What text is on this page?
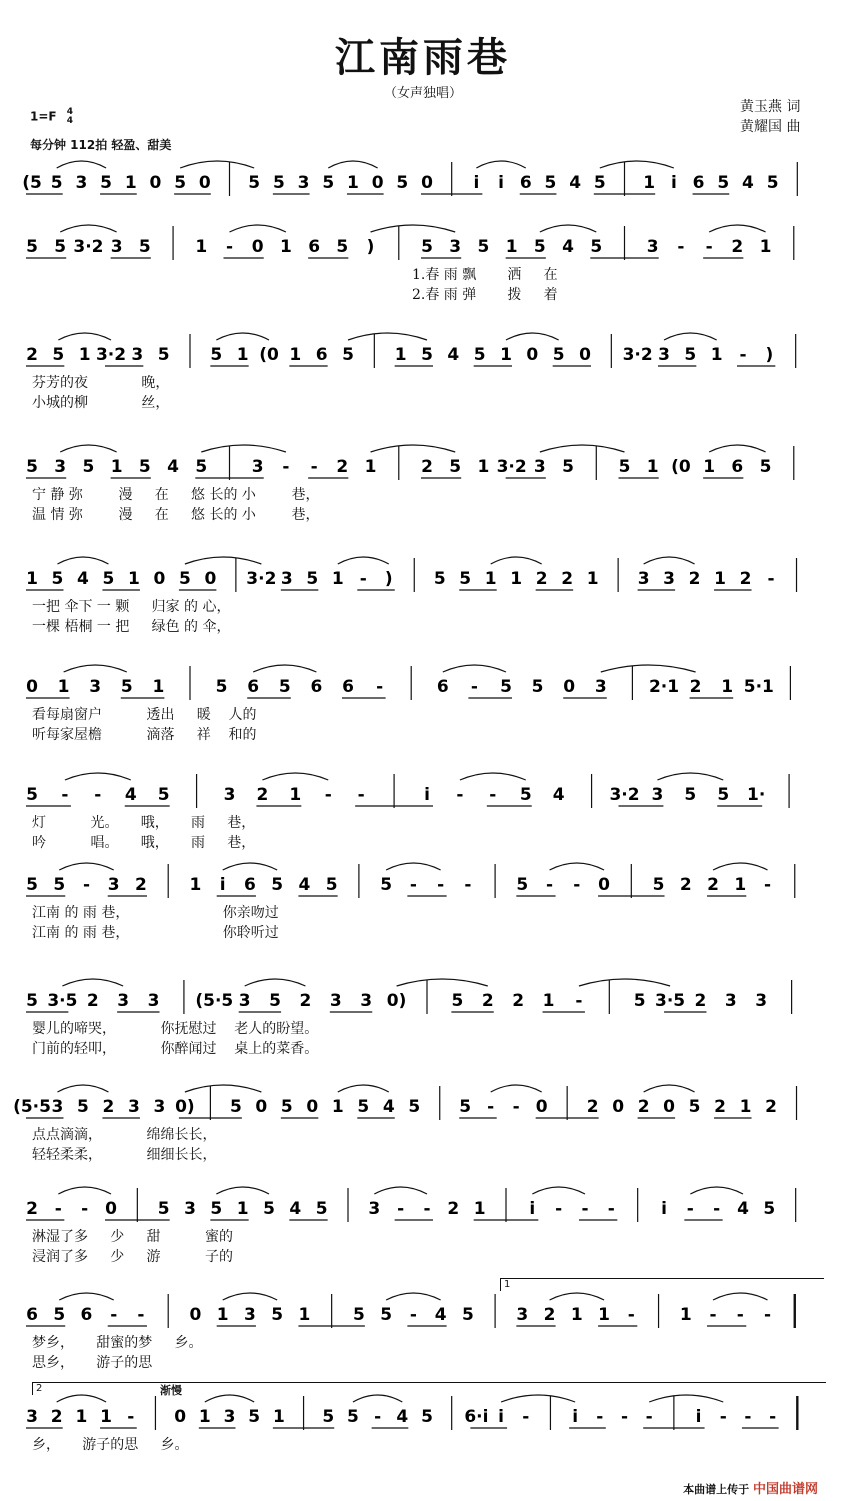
江南雨巷
（女声独唱）
黄玉燕 词
黄耀国 曲
1=F 4
4
每分钟 112拍 轻盈、甜美
(5 5 3 5 1 0 5 0 5 5 3 5 1 0 5 0 i i 6 5 4 5 1 i 6 5 4 5
5 5 3·2 3 5	1 - 0 1 6 5 )	5 3 5 1 5 4 5	3 - - 2 1
1.春 雨 飘       洒     在
2.春 雨 弹       拨     着
2 5 1 3·2 3 5 5 1 (0 1 6 5 1 5 4 5 1 0 5 0 3·2 3 5 1 - )
芬芳的夜            晚，
小城的柳            丝，
5 3 5 1 5 4 5	3 - - 2 1	2 5 1 3·2 3 5	5 1 (0 1 6 5
宁 静 弥        漫     在     悠 长的 小        巷，
温 情 弥        漫     在     悠 长的 小        巷，
1 5 4 5 1 0 5 0 3·2 3 5 1 - ) 5 5 1 1 2 2 1 3 3 2 1 2 -
一把 伞下 一 颗     归家 的 心，
一棵 梧桐 一 把     绿色 的 伞，
0 1 3 5 1	5 6 5 6 6 -	6 - 5 5 0 3 2·1 2 1 5·1
看每扇窗户          透出     暖    人的
听每家屋檐          滴落     祥    和的
5 - - 4 5	3 2 1 - -	i - - 5 4	3·2 3 5 5 1·
灯          光。     哦，     雨     巷，
吟          唱。     哦，     雨     巷，
5 5 - 3 2	1 i 6 5 4 5	5 - - -	5 - - 0	5 2 2 1 -
江南 的 雨 巷，                     你亲吻过
江南 的 雨 巷，                     你聆听过
5 3·5 2 3 3 (5·5 3 5 2 3 3 0)	5 2 2 1 -	5 3·5 2 3 3
婴儿的啼哭，          你抚慰过    老人的盼望。
门前的轻叩，          你醉闻过    桌上的菜香。
(5·5 3 5 2 3 3 0) 5 0 5 0 1 5 4 5 5 - - 0 2 0 2 0 5 2 1 2
点点滴滴，          绵绵长长，
轻轻柔柔，          细细长长，
2 - - 0 5 3 5 1 5 4 5 3 - - 2 1	i - - -	i - - 4 5
淋湿了多     少     甜          蜜的
浸润了多     少     游          子的
6 5 6 - -	0 1 3 5 1	5 5 - 4 5	3 2 1 1 -	1 - - -
梦乡，     甜蜜的梦     乡。
思乡，     游子的思
3 2 1 1 - 0 1 3 5 1 5 5 - 4 5 6·i i -	i - - -	i - - -
乡，     游子的思     乡。
本曲谱上传于 中国曲谱网
1
2	渐慢
